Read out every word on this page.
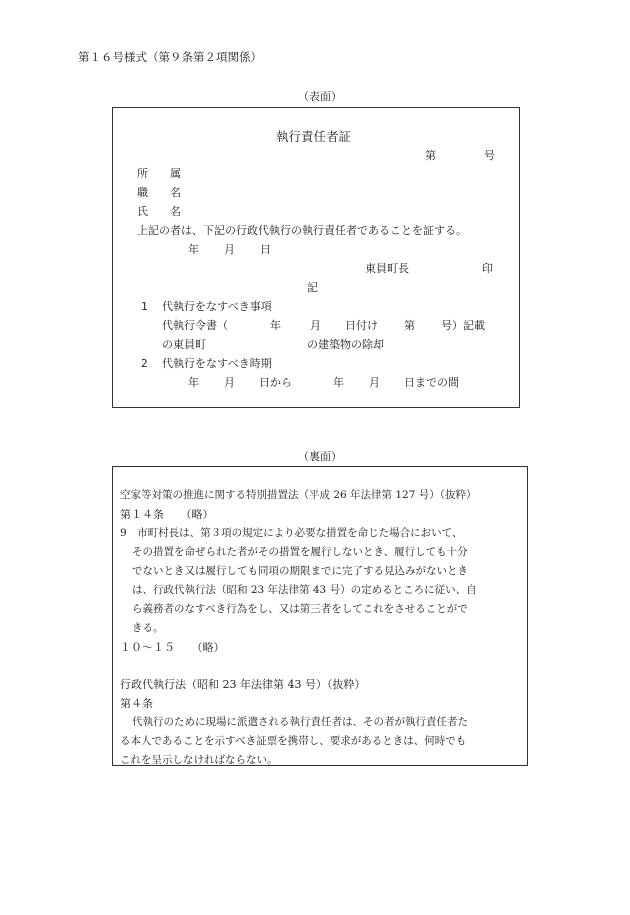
第１６号様式（第９条第２項関係）
（表面）
執行責任者証
第	号
所　　属
職　　名
氏　　名
上記の者は、下記の行政代執行の執行責任者であることを証する。
年 月 日
東員町長	印
記
1 代執行をなすべき事項
代執行令書（	年	月 日付け 第 号）記載
の東員町	の建築物の除却
2 代執行をなすべき時期
年 月 日から	年 月 日までの間
（裏面）
空家等対策の推進に関する特別措置法（平成 26 年法律第 127 号）（抜粋）
第１４条　　（略）
9　市町村長は、第３項の規定により必要な措置を命じた場合において、
その措置を命ぜられた者がその措置を履行しないとき、履行しても十分
でないとき又は履行しても同項の期限までに完了する見込みがないとき
は、行政代執行法（昭和 23 年法律第 43 号）の定めるところに従い、自
ら義務者のなすべき行為をし、又は第三者をしてこれをさせることがで
きる。
１０～１５　　（略）
行政代執行法（昭和 23 年法律第 43 号）（抜粋）
第４条
代執行のために現場に派遣される執行責任者は、その者が執行責任者た
る本人であることを示すべき証票を携帯し、要求があるときは、何時でも
これを呈示しなければならない。
